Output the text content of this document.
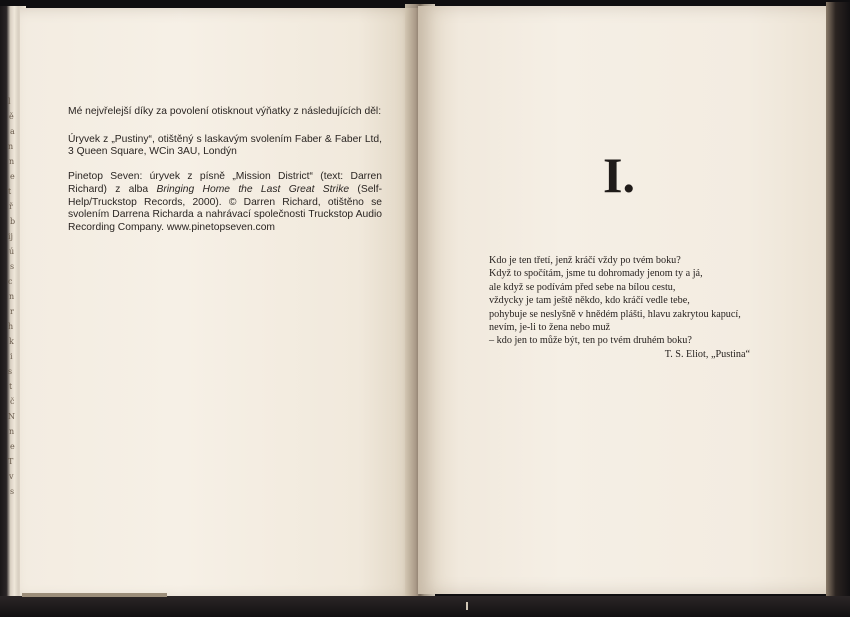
l
ě
a
n
n
e
t
ř
b
ij
ú
s
c
n
r
h
k
i
s
t
č
N
n
e
T
v
s

Mé nejvřelejší díky za povolení otisknout výňatky z následujících děl:

Úryvek z „Pustiny“, otištěný s laskavým svolením Faber & Faber Ltd, 3 Queen Square, WCin 3AU, Londýn

Pinetop Seven: úryvek z písně „Mission District“ (text: Darren Richard) z alba Bringing Home the Last Great Strike (Self-Help/Truckstop Records, 2000). © Darren Richard, otištěno se svolením Darrena Richarda a nahrávací společnosti Truckstop Audio Recording Company. www.pinetopseven.com

I.
Kdo je ten třetí, jenž kráčí vždy po tvém boku?
Když to spočítám, jsme tu dohromady jenom ty a já,
ale když se podívám před sebe na bílou cestu,
vždycky je tam ještě někdo, kdo kráčí vedle tebe,
pohybuje se neslyšně v hnědém plášti, hlavu zakrytou kapucí,
nevím, je-li to žena nebo muž
– kdo jen to může být, ten po tvém druhém boku?
T. S. Eliot, „Pustina“
